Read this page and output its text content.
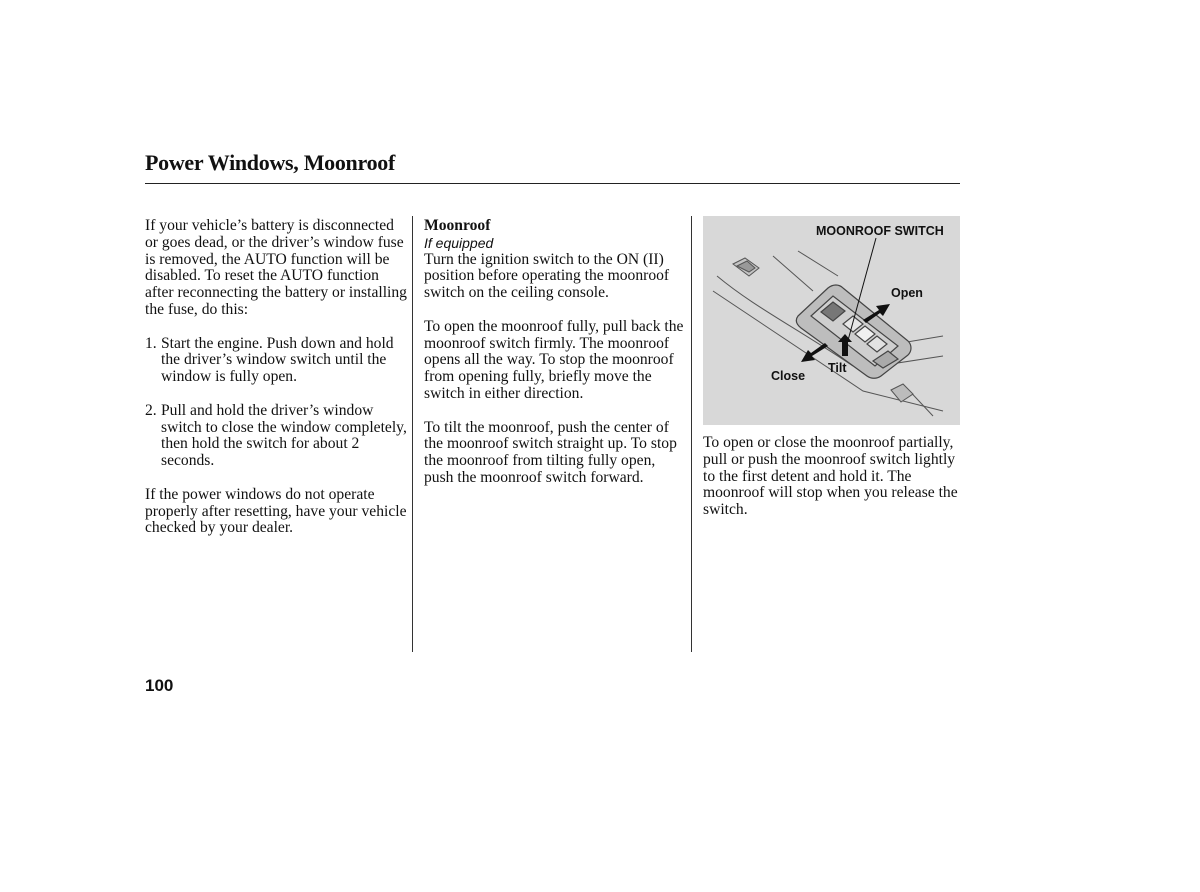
Power Windows, Moonroof

If your vehicle’s battery is disconnected or goes dead, or the driver’s window fuse is removed, the AUTO function will be disabled. To reset the AUTO function after reconnecting the battery or installing the fuse, do this:

1. Start the engine. Push down and hold the driver’s window switch until the window is fully open.
2. Pull and hold the driver’s window switch to close the window completely, then hold the switch for about 2 seconds.

If the power windows do not operate properly after resetting, have your vehicle checked by your dealer.

Moonroof
If equipped

Turn the ignition switch to the ON (II) position before operating the moonroof switch on the ceiling console.

To open the moonroof fully, pull back the moonroof switch firmly. The moonroof opens all the way. To stop the moonroof from opening fully, briefly move the switch in either direction.

To tilt the moonroof, push the center of the moonroof switch straight up. To stop the moonroof from tilting fully open, push the moonroof switch forward.

MOONROOF SWITCH
Open
Tilt
Close

To open or close the moonroof partially, pull or push the moonroof switch lightly to the first detent and hold it. The moonroof will stop when you release the switch.

100
